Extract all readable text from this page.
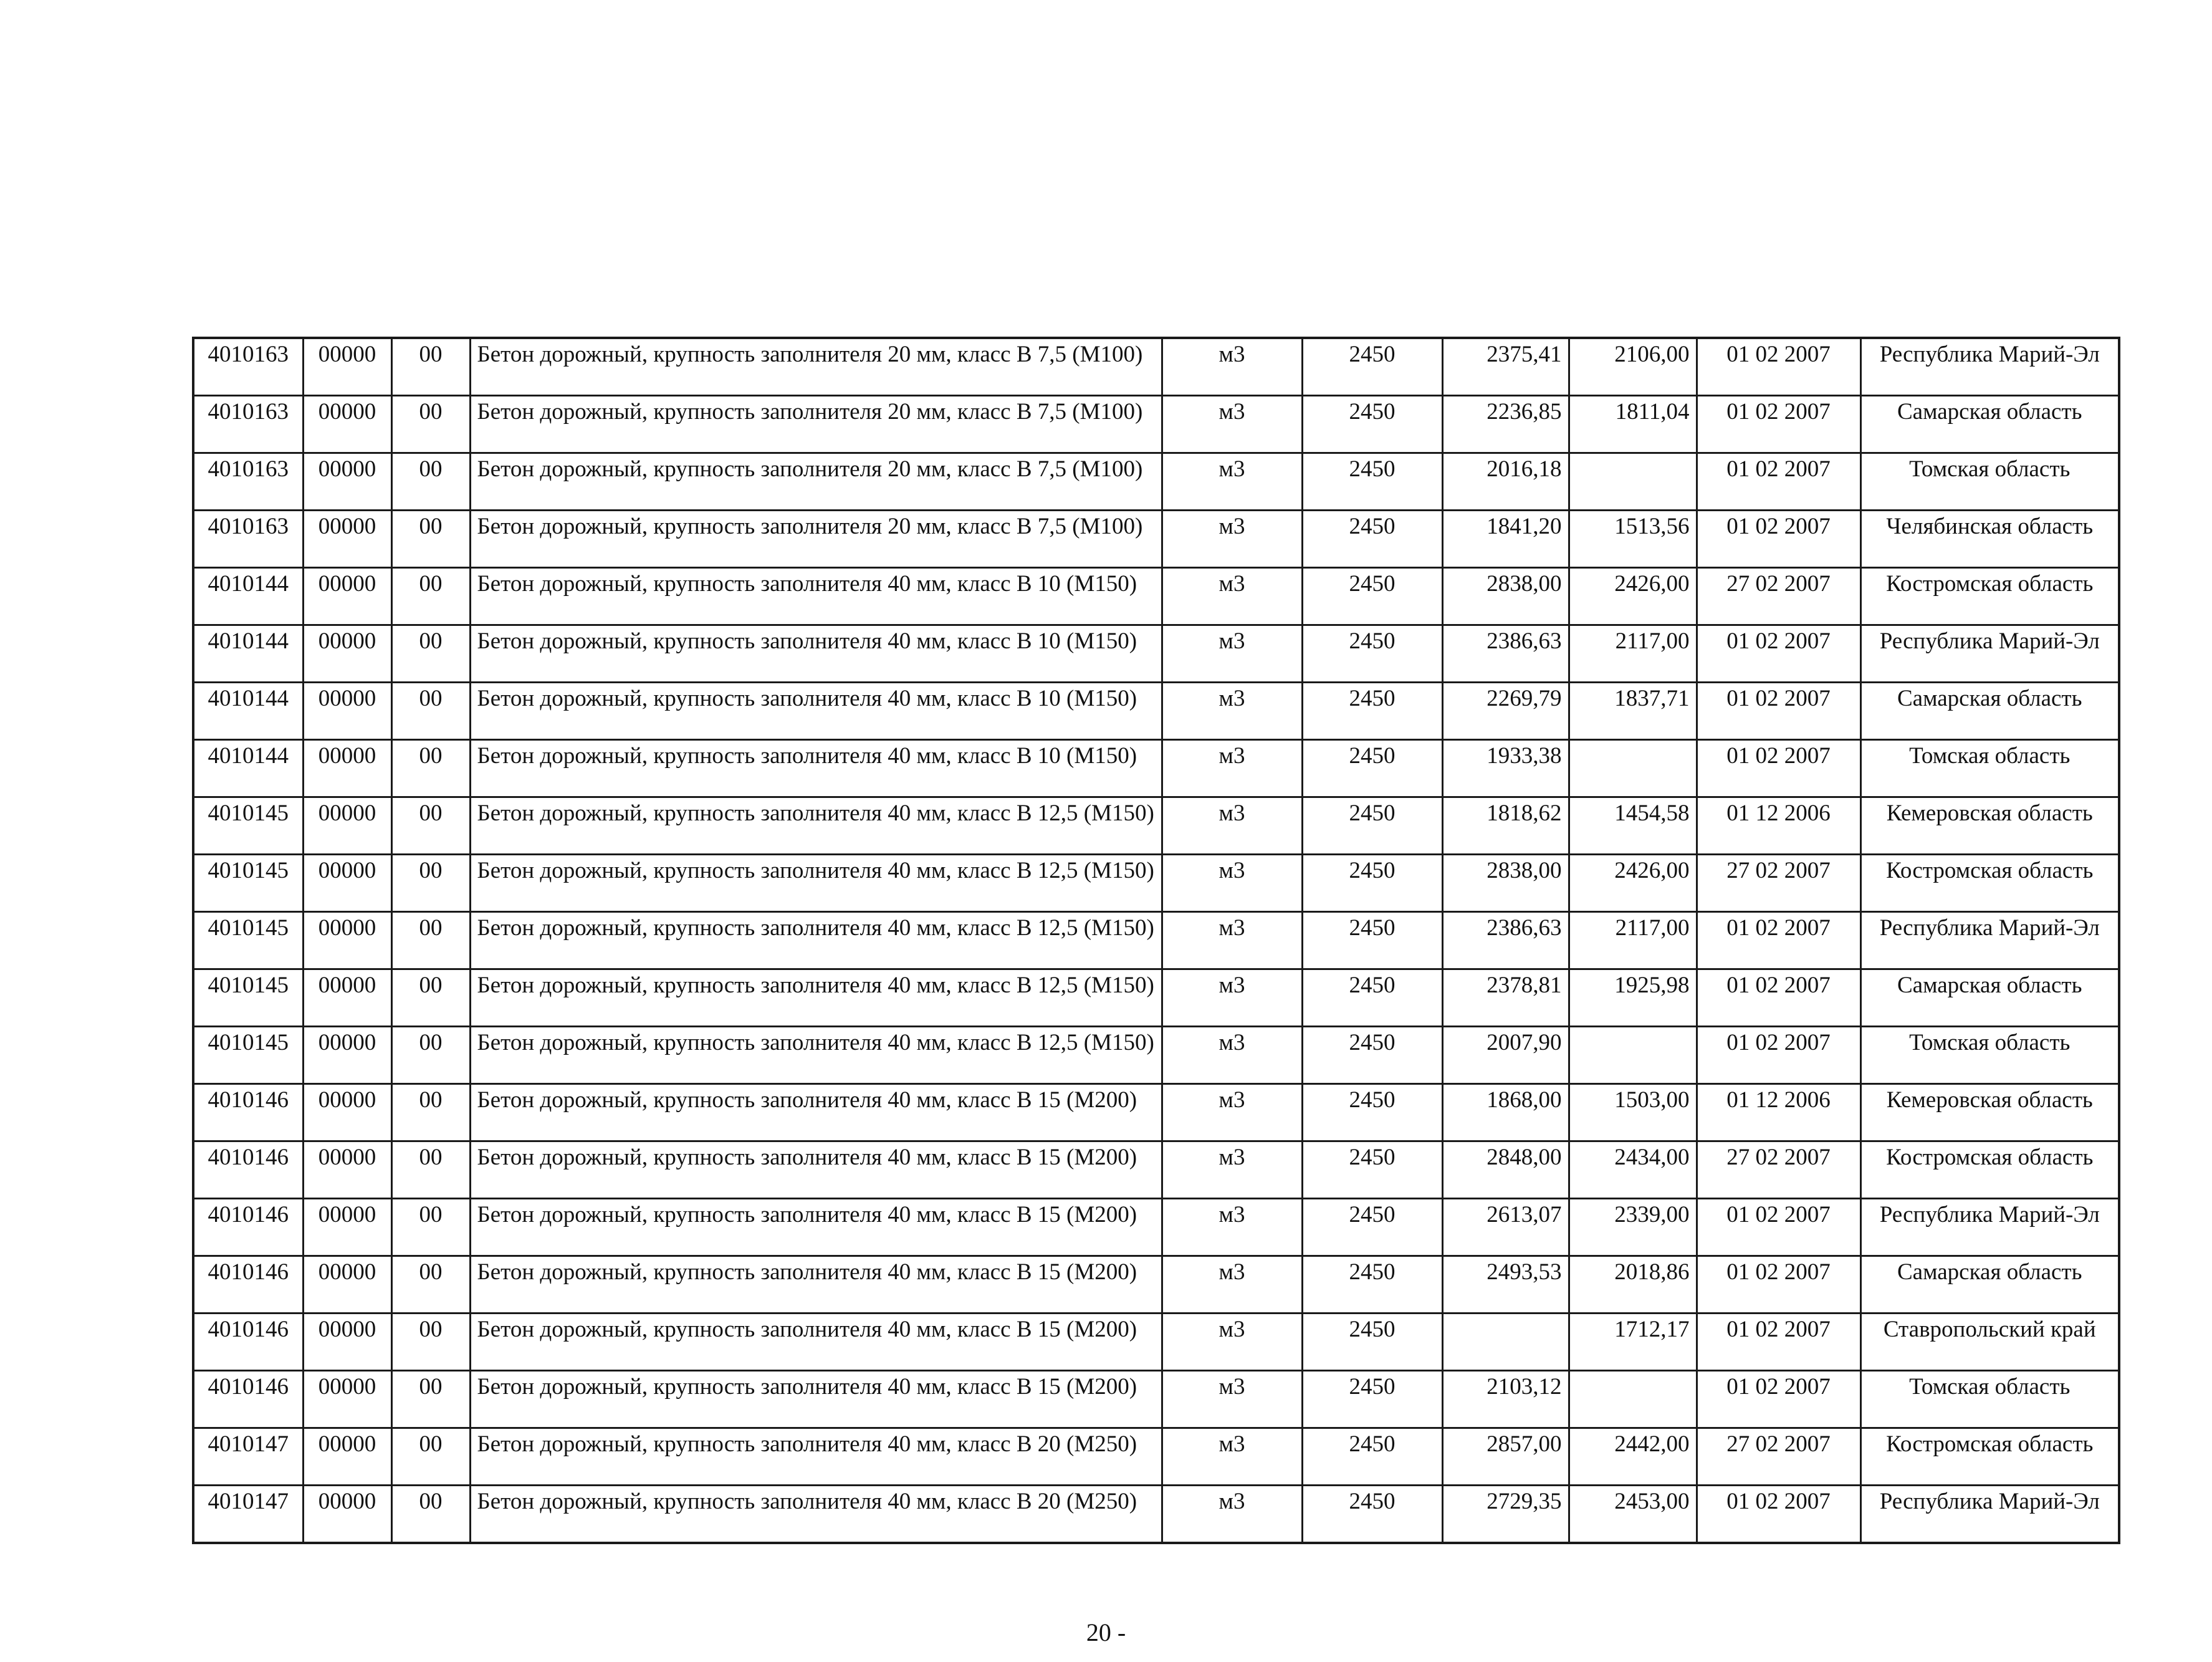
4010163	00000	00	Бетон дорожный, крупность заполнителя 20 мм, класс В 7,5 (М100)	м3	2450	2375,41	2106,00	01 02 2007	Республика Марий-Эл
4010163	00000	00	Бетон дорожный, крупность заполнителя 20 мм, класс В 7,5 (М100)	м3	2450	2236,85	1811,04	01 02 2007	Самарская область
4010163	00000	00	Бетон дорожный, крупность заполнителя 20 мм, класс В 7,5 (М100)	м3	2450	2016,18		01 02 2007	Томская область
4010163	00000	00	Бетон дорожный, крупность заполнителя 20 мм, класс В 7,5 (М100)	м3	2450	1841,20	1513,56	01 02 2007	Челябинская область
4010144	00000	00	Бетон дорожный, крупность заполнителя 40 мм, класс В 10 (М150)	м3	2450	2838,00	2426,00	27 02 2007	Костромская область
4010144	00000	00	Бетон дорожный, крупность заполнителя 40 мм, класс В 10 (М150)	м3	2450	2386,63	2117,00	01 02 2007	Республика Марий-Эл
4010144	00000	00	Бетон дорожный, крупность заполнителя 40 мм, класс В 10 (М150)	м3	2450	2269,79	1837,71	01 02 2007	Самарская область
4010144	00000	00	Бетон дорожный, крупность заполнителя 40 мм, класс В 10 (М150)	м3	2450	1933,38		01 02 2007	Томская область
4010145	00000	00	Бетон дорожный, крупность заполнителя 40 мм, класс В 12,5 (М150)	м3	2450	1818,62	1454,58	01 12 2006	Кемеровская область
4010145	00000	00	Бетон дорожный, крупность заполнителя 40 мм, класс В 12,5 (М150)	м3	2450	2838,00	2426,00	27 02 2007	Костромская область
4010145	00000	00	Бетон дорожный, крупность заполнителя 40 мм, класс В 12,5 (М150)	м3	2450	2386,63	2117,00	01 02 2007	Республика Марий-Эл
4010145	00000	00	Бетон дорожный, крупность заполнителя 40 мм, класс В 12,5 (М150)	м3	2450	2378,81	1925,98	01 02 2007	Самарская область
4010145	00000	00	Бетон дорожный, крупность заполнителя 40 мм, класс В 12,5 (М150)	м3	2450	2007,90		01 02 2007	Томская область
4010146	00000	00	Бетон дорожный, крупность заполнителя 40 мм, класс В 15 (М200)	м3	2450	1868,00	1503,00	01 12 2006	Кемеровская область
4010146	00000	00	Бетон дорожный, крупность заполнителя 40 мм, класс В 15 (М200)	м3	2450	2848,00	2434,00	27 02 2007	Костромская область
4010146	00000	00	Бетон дорожный, крупность заполнителя 40 мм, класс В 15 (М200)	м3	2450	2613,07	2339,00	01 02 2007	Республика Марий-Эл
4010146	00000	00	Бетон дорожный, крупность заполнителя 40 мм, класс В 15 (М200)	м3	2450	2493,53	2018,86	01 02 2007	Самарская область
4010146	00000	00	Бетон дорожный, крупность заполнителя 40 мм, класс В 15 (М200)	м3	2450		1712,17	01 02 2007	Ставропольский край
4010146	00000	00	Бетон дорожный, крупность заполнителя 40 мм, класс В 15 (М200)	м3	2450	2103,12		01 02 2007	Томская область
4010147	00000	00	Бетон дорожный, крупность заполнителя 40 мм, класс В 20 (М250)	м3	2450	2857,00	2442,00	27 02 2007	Костромская область
4010147	00000	00	Бетон дорожный, крупность заполнителя 40 мм, класс В 20 (М250)	м3	2450	2729,35	2453,00	01 02 2007	Республика Марий-Эл
20 -
